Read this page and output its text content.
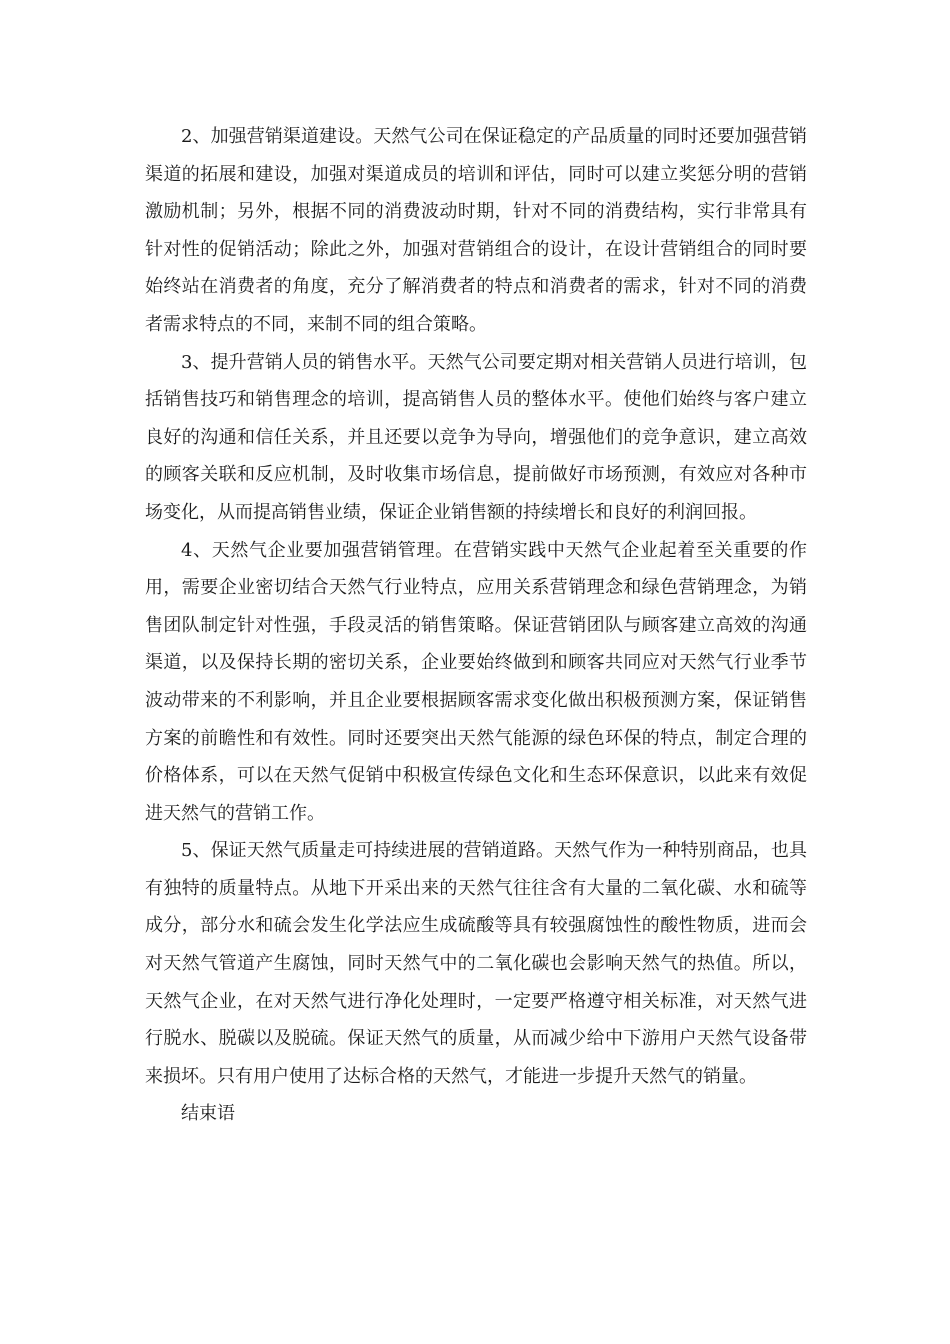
2、加强营销渠道建设。天然气公司在保证稳定的产品质量的同时还要加强营销渠道的拓展和建设，加强对渠道成员的培训和评估，同时可以建立奖惩分明的营销激励机制；另外，根据不同的消费波动时期，针对不同的消费结构，实行非常具有针对性的促销活动；除此之外，加强对营销组合的设计，在设计营销组合的同时要始终站在消费者的角度，充分了解消费者的特点和消费者的需求，针对不同的消费者需求特点的不同，来制不同的组合策略。

3、提升营销人员的销售水平。天然气公司要定期对相关营销人员进行培训，包括销售技巧和销售理念的培训，提高销售人员的整体水平。使他们始终与客户建立良好的沟通和信任关系，并且还要以竞争为导向，增强他们的竞争意识，建立高效的顾客关联和反应机制，及时收集市场信息，提前做好市场预测，有效应对各种市场变化，从而提高销售业绩，保证企业销售额的持续增长和良好的利润回报。

4、天然气企业要加强营销管理。在营销实践中天然气企业起着至关重要的作用，需要企业密切结合天然气行业特点，应用关系营销理念和绿色营销理念，为销售团队制定针对性强，手段灵活的销售策略。保证营销团队与顾客建立高效的沟通渠道，以及保持长期的密切关系，企业要始终做到和顾客共同应对天然气行业季节波动带来的不利影响，并且企业要根据顾客需求变化做出积极预测方案，保证销售方案的前瞻性和有效性。同时还要突出天然气能源的绿色环保的特点，制定合理的价格体系，可以在天然气促销中积极宣传绿色文化和生态环保意识，以此来有效促进天然气的营销工作。

5、保证天然气质量走可持续进展的营销道路。天然气作为一种特别商品，也具有独特的质量特点。从地下开采出来的天然气往往含有大量的二氧化碳、水和硫等成分，部分水和硫会发生化学法应生成硫酸等具有较强腐蚀性的酸性物质，进而会对天然气管道产生腐蚀，同时天然气中的二氧化碳也会影响天然气的热值。所以，天然气企业，在对天然气进行净化处理时，一定要严格遵守相关标准，对天然气进行脱水、脱碳以及脱硫。保证天然气的质量，从而减少给中下游用户天然气设备带来损坏。只有用户使用了达标合格的天然气，才能进一步提升天然气的销量。

结束语
